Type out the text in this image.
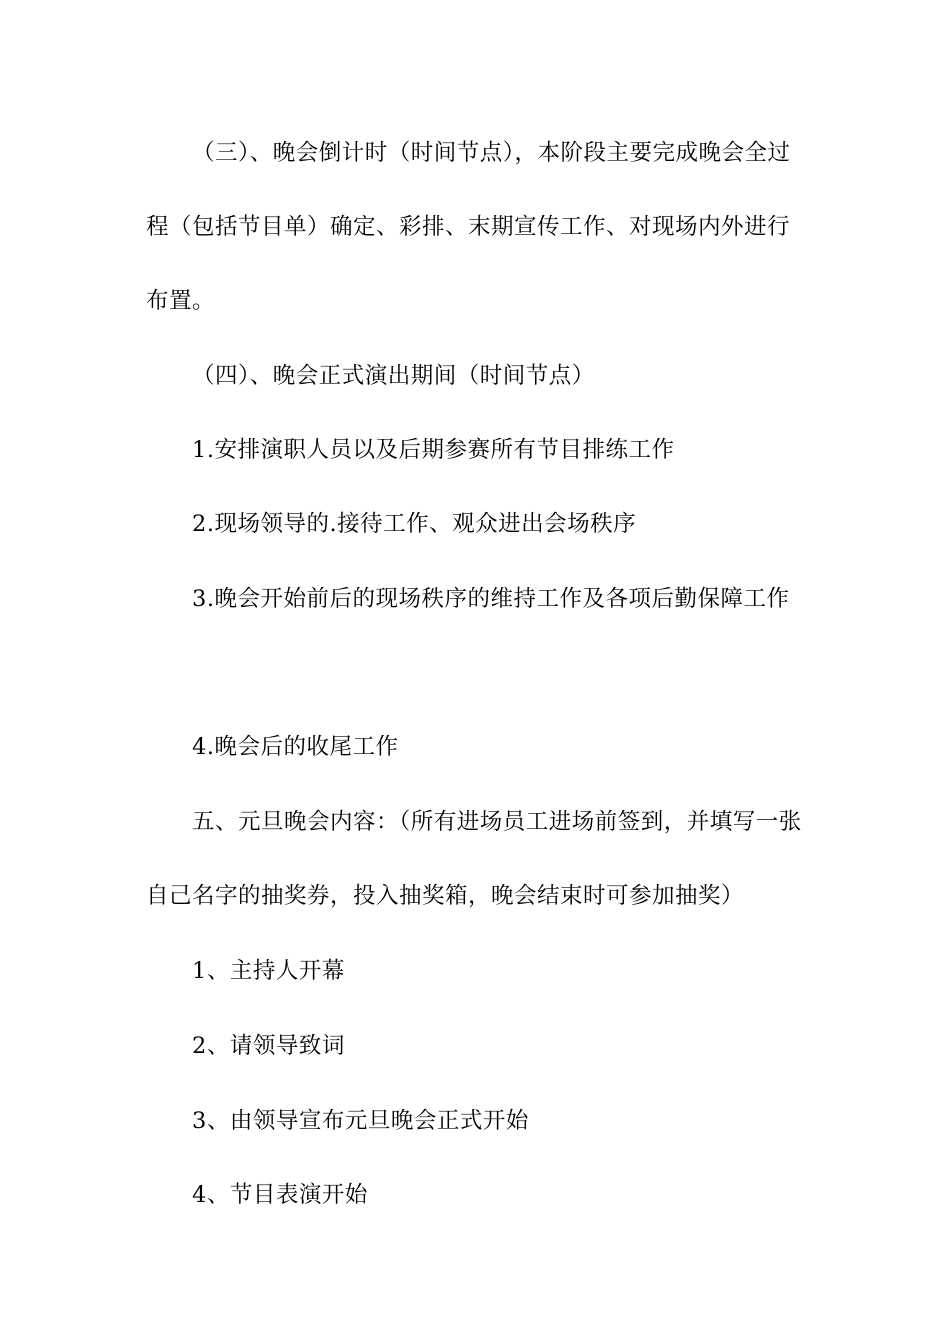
（三）、晚会倒计时（时间节点），本阶段主要完成晚会全过程（包括节目单）确定、彩排、末期宣传工作、对现场内外进行布置。

（四）、晚会正式演出期间（时间节点）

1.安排演职人员以及后期参赛所有节目排练工作

2.现场领导的.接待工作、观众进出会场秩序

3.晚会开始前后的现场秩序的维持工作及各项后勤保障工作

4.晚会后的收尾工作

五、元旦晚会内容：（所有进场员工进场前签到，并填写一张自己名字的抽奖券，投入抽奖箱，晚会结束时可参加抽奖）

1、主持人开幕

2、请领导致词

3、由领导宣布元旦晚会正式开始

4、节目表演开始
